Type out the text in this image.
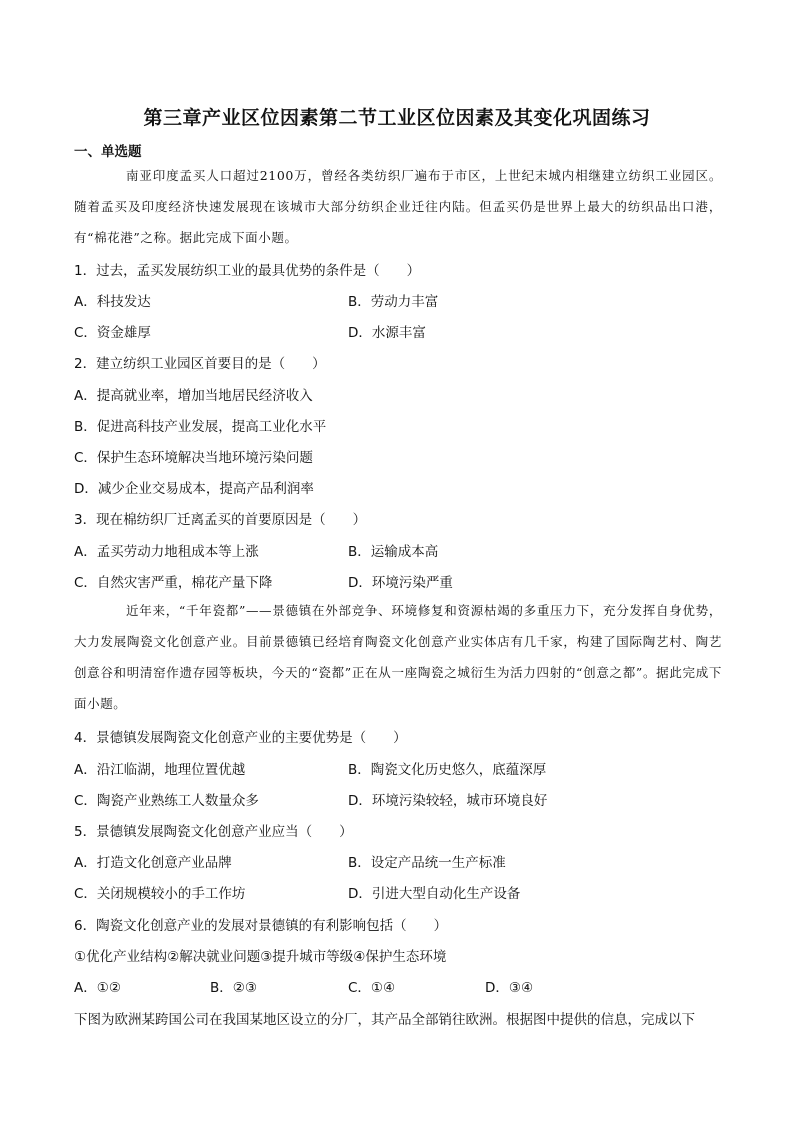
第三章产业区位因素第二节工业区位因素及其变化巩固练习
一、单选题
南亚印度孟买人口超过2100万，曾经各类纺织厂遍布于市区，上世纪末城内相继建立纺织工业园区。随着孟买及印度经济快速发展现在该城市大部分纺织企业迁往内陆。但孟买仍是世界上最大的纺织品出口港，有“棉花港”之称。据此完成下面小题。
1．过去，孟买发展纺织工业的最具优势的条件是（　　）
A．科技发达	B．劳动力丰富
C．资金雄厚	D．水源丰富
2．建立纺织工业园区首要目的是（　　）
A．提高就业率，增加当地居民经济收入
B．促进高科技产业发展，提高工业化水平
C．保护生态环境解决当地环境污染问题
D．减少企业交易成本，提高产品利润率
3．现在棉纺织厂迁离孟买的首要原因是（　　）
A．孟买劳动力地租成本等上涨	B．运输成本高
C．自然灾害严重，棉花产量下降	D．环境污染严重
近年来，“千年瓷都”——景德镇在外部竞争、环境修复和资源枯竭的多重压力下，充分发挥自身优势，大力发展陶瓷文化创意产业。目前景德镇已经培育陶瓷文化创意产业实体店有几千家，构建了国际陶艺村、陶艺创意谷和明清窑作遗存园等板块，今天的“瓷都”正在从一座陶瓷之城衍生为活力四射的“创意之都”。据此完成下面小题。
4．景德镇发展陶瓷文化创意产业的主要优势是（　　）
A．沿江临湖，地理位置优越	B．陶瓷文化历史悠久，底蕴深厚
C．陶瓷产业熟练工人数量众多	D．环境污染较轻，城市环境良好
5．景德镇发展陶瓷文化创意产业应当（　　）
A．打造文化创意产业品牌	B．设定产品统一生产标准
C．关闭规模较小的手工作坊	D．引进大型自动化生产设备
6．陶瓷文化创意产业的发展对景德镇的有利影响包括（　　）
①优化产业结构②解决就业问题③提升城市等级④保护生态环境
A．①②	B．②③	C．①④	D．③④
下图为欧洲某跨国公司在我国某地区设立的分厂，其产品全部销往欧洲。根据图中提供的信息，完成以下
